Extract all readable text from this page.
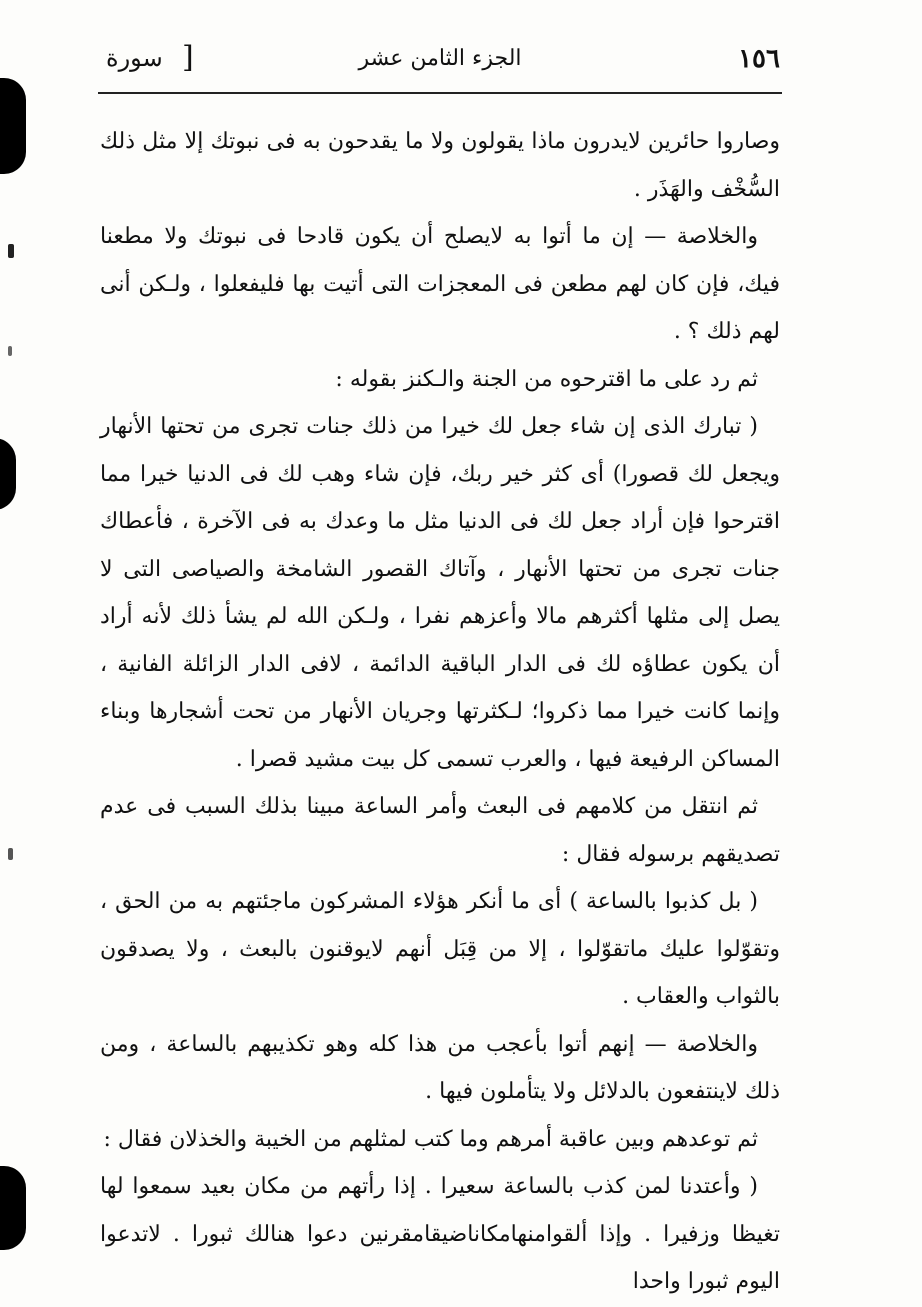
١٥٦
الجزء الثامن عشر
[
سورة

وصاروا حائرين لايدرون ماذا يقولون ولا ما يقدحون به فى نبوتك إلا مثل ذلك السُّخْف والهَذَر .

والخلاصة — إن ما أتوا به لايصلح أن يكون قادحا فى نبوتك ولا مطعنا فيك، فإن كان لهم مطعن فى المعجزات التى أتيت بها فليفعلوا ، ولـكن أنى لهم ذلك ؟ .

ثم رد على ما اقترحوه من الجنة والـكنز بقوله :

( تبارك الذى إن شاء جعل لك خيرا من ذلك جنات تجرى من تحتها الأنهار ويجعل لك قصورا) أى كثر خير ربك، فإن شاء وهب لك فى الدنيا خيرا مما اقترحوا فإن أراد جعل لك فى الدنيا مثل ما وعدك به فى الآخرة ، فأعطاك جنات تجرى من تحتها الأنهار ، وآتاك القصور الشامخة والصياصى التى لا يصل إلى مثلها أكثرهم مالا وأعزهم نفرا ، ولـكن الله لم يشأ ذلك لأنه أراد أن يكون عطاؤه لك فى الدار الباقية الدائمة ، لافى الدار الزائلة الفانية ، وإنما كانت خيرا مما ذكروا؛ لـكثرتها وجريان الأنهار من تحت أشجارها وبناء المساكن الرفيعة فيها ، والعرب تسمى كل بيت مشيد قصرا .

ثم انتقل من كلامهم فى البعث وأمر الساعة مبينا بذلك السبب فى عدم تصديقهم برسوله فقال :

( بل كذبوا بالساعة ) أى ما أنكر هؤلاء المشركون ماجئتهم به من الحق ، وتقوّلوا عليك ماتقوّلوا ، إلا من قِبَل أنهم لايوقنون بالبعث ، ولا يصدقون بالثواب والعقاب .

والخلاصة — إنهم أتوا بأعجب من هذا كله وهو تكذيبهم بالساعة ، ومن ذلك لاينتفعون بالدلائل ولا يتأملون فيها .

ثم توعدهم وبين عاقبة أمرهم وما كتب لمثلهم من الخيبة والخذلان فقال :

( وأعتدنا لمن كذب بالساعة سعيرا . إذا رأتهم من مكان بعيد سمعوا لها تغيظا وزفيرا . وإذا ألقوامنهامكاناضيقامقرنين دعوا هنالك ثبورا . لاتدعوا اليوم ثبورا واحدا
